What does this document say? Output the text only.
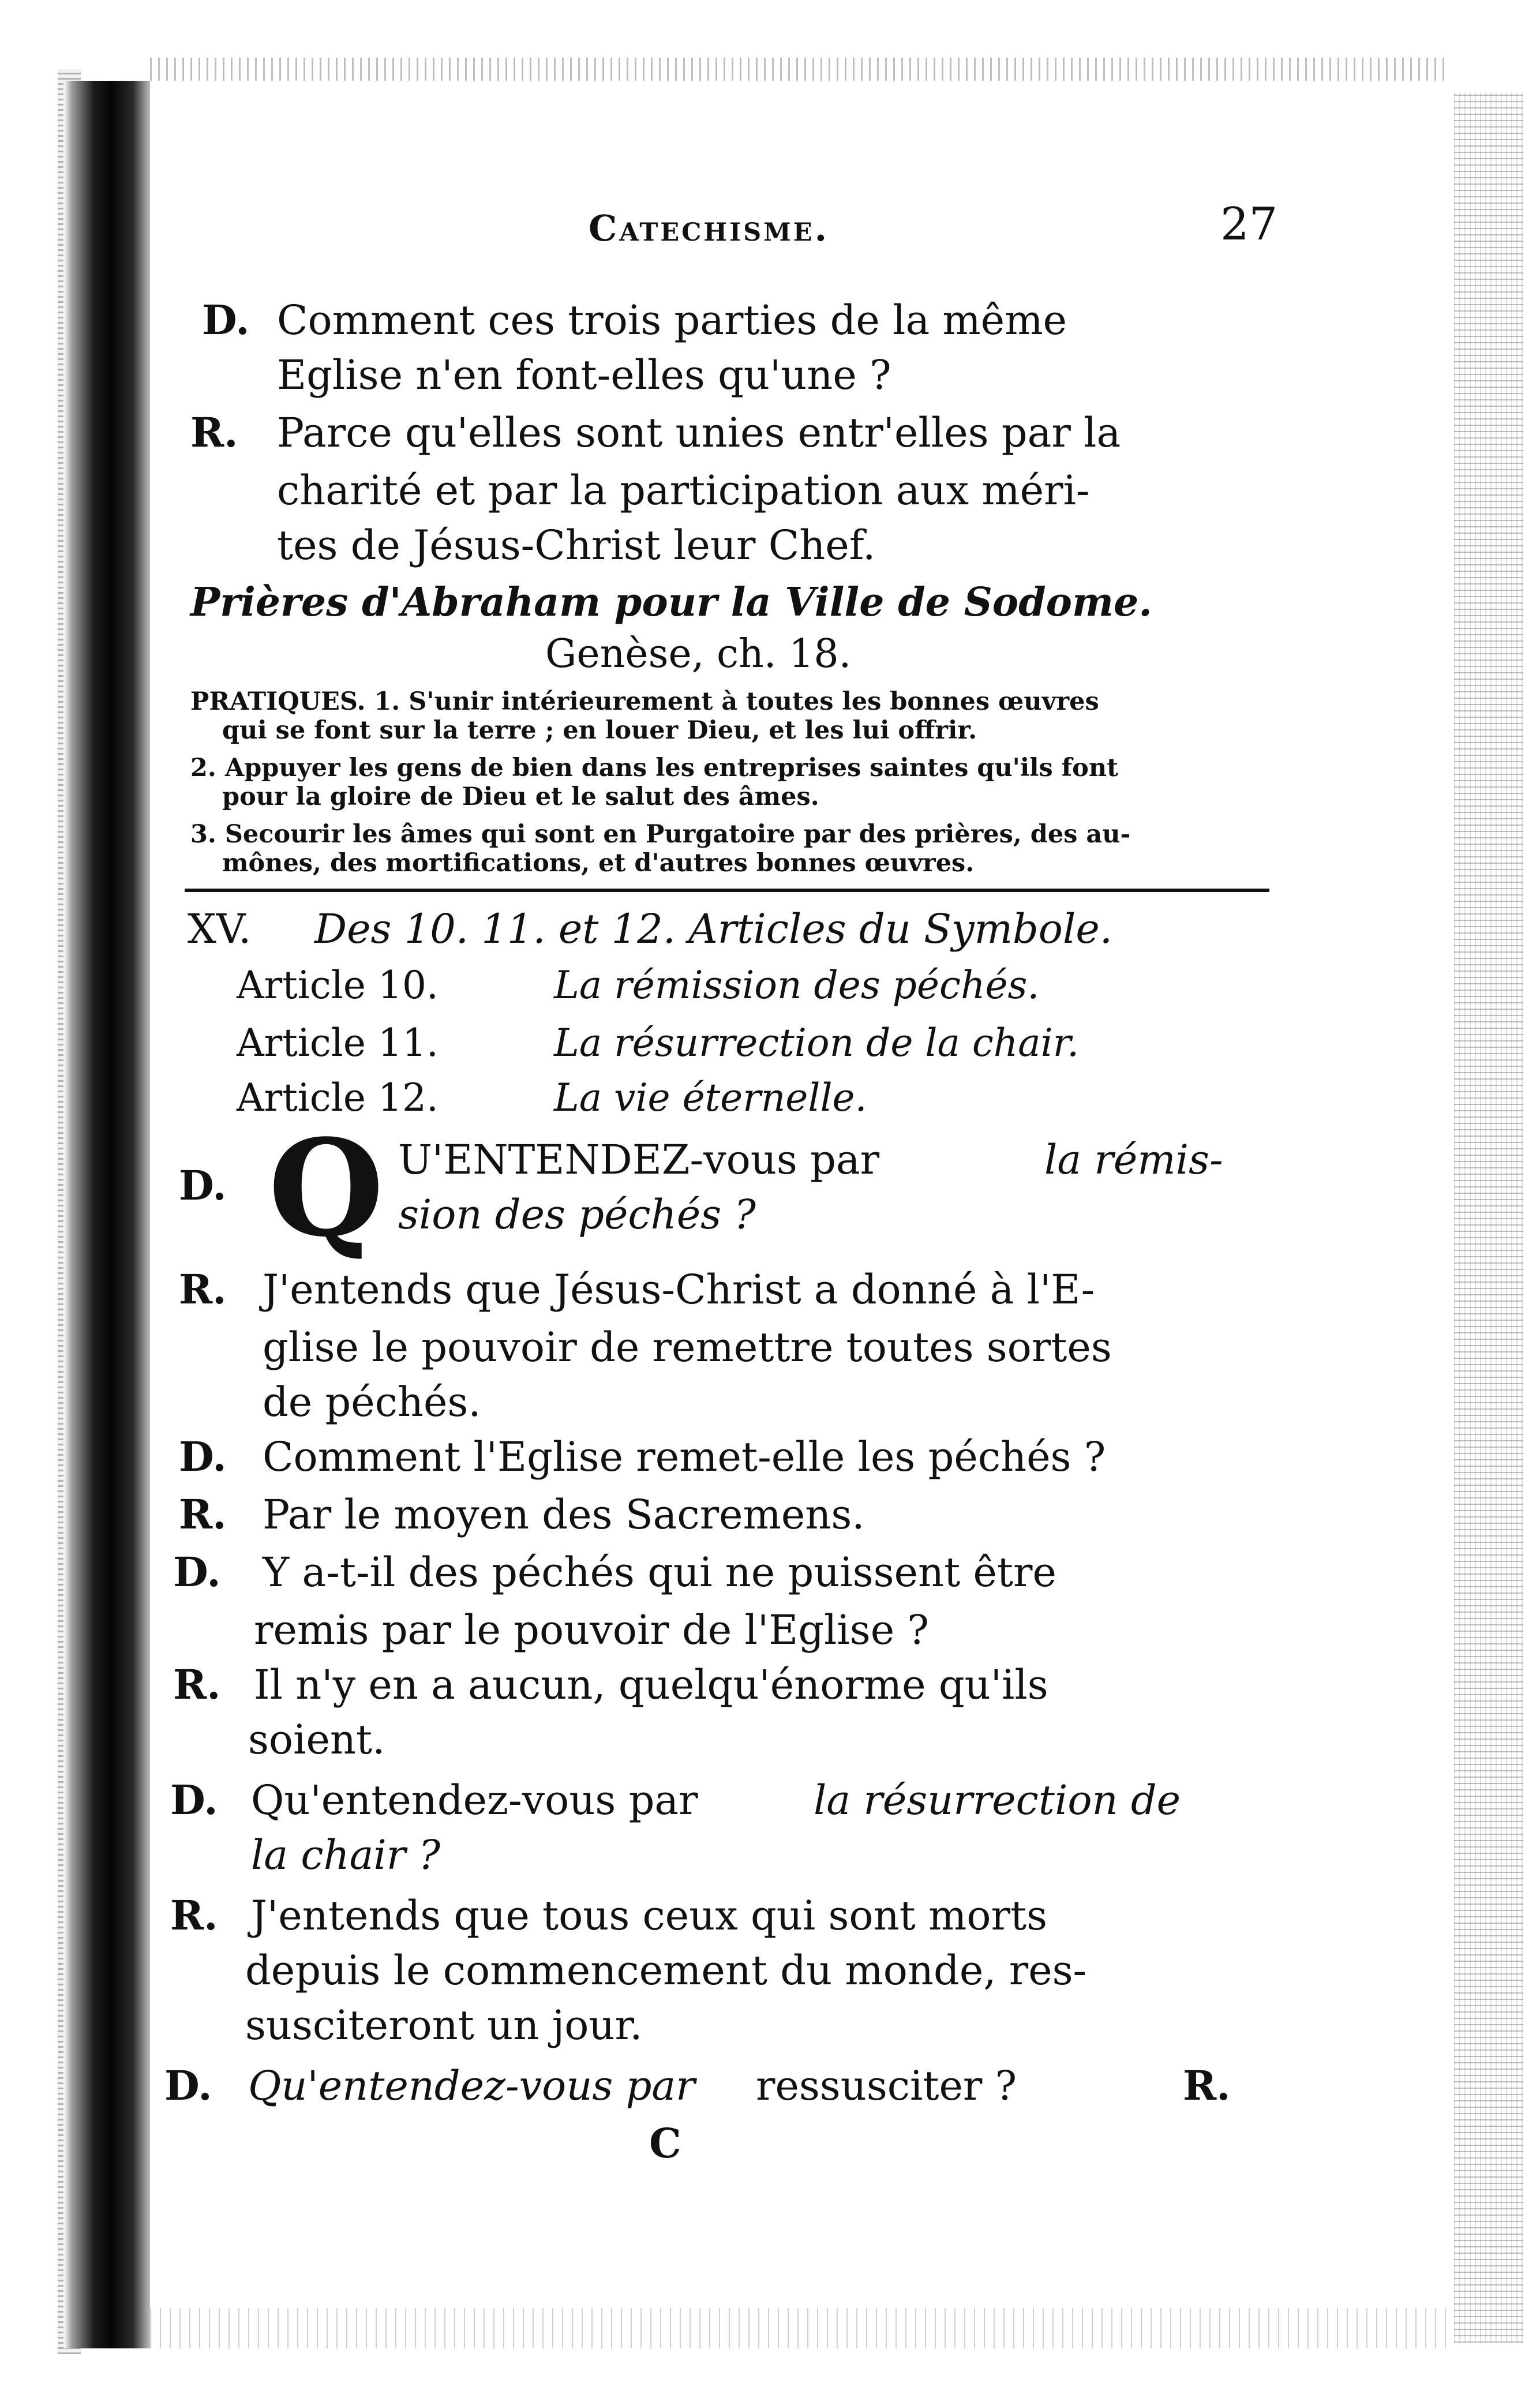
Catechisme.	27
D. Comment ces trois parties de la même
Eglise n'en font-elles qu'une ?
R. Parce qu'elles sont unies entr'elles par la
charité et par la participation aux méri-
tes de Jésus-Christ leur Chef.
Prières d'Abraham pour la Ville de Sodome.
Genèse, ch. 18.
PRATIQUES. 1. S'unir intérieurement à toutes les bonnes œuvres
qui se font sur la terre ; en louer Dieu, et les lui offrir.
2. Appuyer les gens de bien dans les entreprises saintes qu'ils font
pour la gloire de Dieu et le salut des âmes.
3. Secourir les âmes qui sont en Purgatoire par des prières, des au-
mônes, des mortifications, et d'autres bonnes œuvres.
XV. Des 10. 11. et 12. Articles du Symbole.
Article 10.	La rémission des péchés.
Article 11.	La résurrection de la chair.
Article 12.	La vie éternelle.
D. Q U'ENTENDEZ-vous par	la rémis-
sion des péchés ?
R. J'entends que Jésus-Christ a donné à l'E-
glise le pouvoir de remettre toutes sortes
de péchés.
D. Comment l'Eglise remet-elle les péchés ?
R. Par le moyen des Sacremens.
D. Y a-t-il des péchés qui ne puissent être
remis par le pouvoir de l'Eglise ?
R. Il n'y en a aucun, quelqu'énorme qu'ils
soient.
D. Qu'entendez-vous par	la résurrection de
la chair ?
R. J'entends que tous ceux qui sont morts
depuis le commencement du monde, res-
susciteront un jour.
D. Qu'entendez-vous par ressusciter ?	R.
C
